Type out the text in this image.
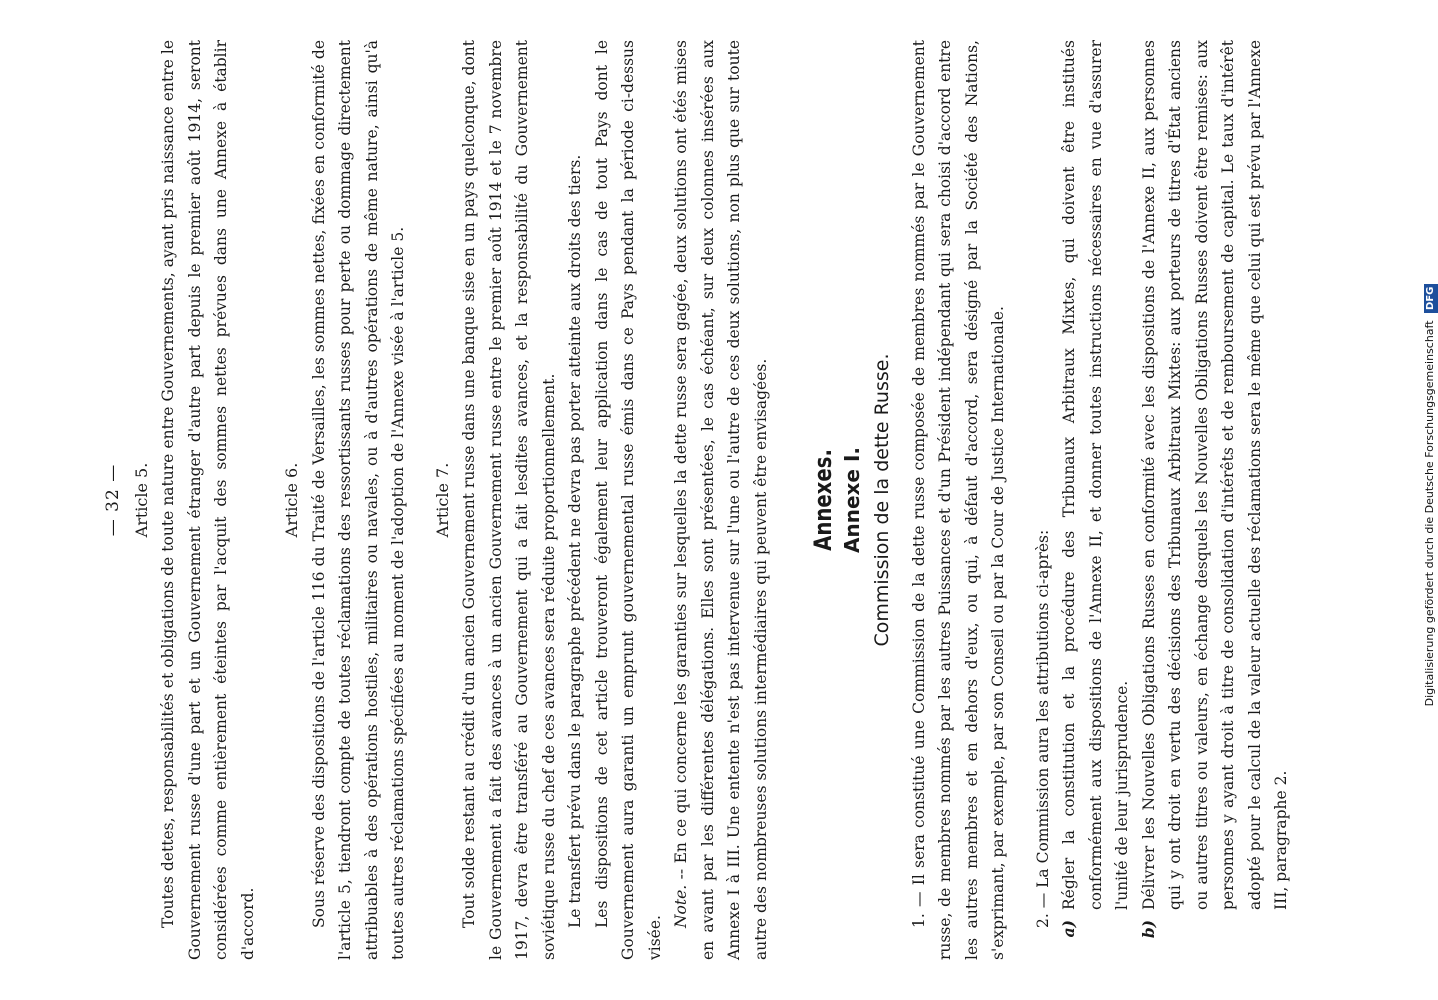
— 32 — Article 5. Toutes dettes, responsabilités et obligations de toute nature entre Gouvernements, ayant pris naissance entre le Gouvernement russe d'une part et un Gouvernement étranger d'autre part depuis le premier août 1914, seront considérées comme entièrement éteintes par l'acquit des sommes nettes prévues dans une Annexe à établir d'accord.

Article 6. Sous réserve des dispositions de l'article 116 du Traité de Versailles, les sommes nettes, fixées en conformité de l'article 5, tiendront compte de toutes réclamations des ressortissants russes pour perte ou dommage directement attribuables à des opérations hostiles, militaires ou navales, ou à d'autres opérations de même nature, ainsi qu'à toutes autres réclamations spécifiées au moment de l'adoption de l'Annexe visée à l'article 5. Article 7. Tout solde restant au crédit d'un ancien Gouvernement russe dans une banque sise en un pays quelconque, dont le Gouvernement a fait des avances à un ancien Gouvernement russe entre le premier août 1914 et le 7 novembre 1917, devra être transféré au Gouvernement qui a fait lesdites avances, et la responsabilité du Gouvernement soviétique russe du chef de ces avances sera réduite proportionnellement. Le transfert prévu dans le paragraphe précédent ne devra pas porter atteinte aux droits des tiers. Les dispositions de cet article trouveront également leur application dans le cas de tout Pays dont le Gouvernement aura garanti un emprunt gouvernemental russe émis dans ce Pays pendant la période ci-dessus visée.

Note. -- En ce qui concerne les garanties sur lesquelles la dette russe sera gagée, deux solutions ont étés mises en avant par les différentes délégations. Elles sont présentées, le cas échéant, sur deux colonnes insérées aux Annexe I à III. Une entente n'est pas intervenue sur l'une ou l'autre de ces deux solutions, non plus que sur toute autre des nombreuses solutions intermédiaires qui peuvent être envisagées. Annexes. Annexe I. Commission de la dette Russe. 1. — Il sera constitué une Commission de la dette russe composée de membres nommés par le Gouvernement russe, de membres nommés par les autres Puissances et d'un Président indépendant qui sera choisi d'accord entre les autres membres et en dehors d'eux, ou qui, à défaut d'accord, sera désigné par la Société des Nations, s'exprimant, par exemple, par son Conseil ou par la Cour de Justice Internationale. 2. — La Commission aura les attributions ci-après:

a)
Régler la constitution et la procédure des Tribunaux Arbitraux Mixtes, qui doivent être institués conformément aux dispositions de l'Annexe II, et donner toutes instructions nécessaires en vue d'assurer l'unité de leur jurisprudence.
b)
Délivrer les Nouvelles Obligations Russes en conformité avec les dispositions de l'Annexe II, aux personnes qui y ont droit en vertu des décisions des Tribunaux Arbitraux Mixtes: aux porteurs de titres d'État anciens ou autres titres ou valeurs, en échange desquels les Nouvelles Obligations Russes doivent être remises: aux personnes y ayant droit à titre de consolidation d'intérêts et de remboursement de capital. Le taux d'intérêt adopté pour le calcul de la valeur actuelle des réclamations sera le même que celui qui est prévu par l'Annexe III, paragraphe 2.
Digitalisierung gefördert durch die Deutsche Forschungsgemeinschaft DFG
